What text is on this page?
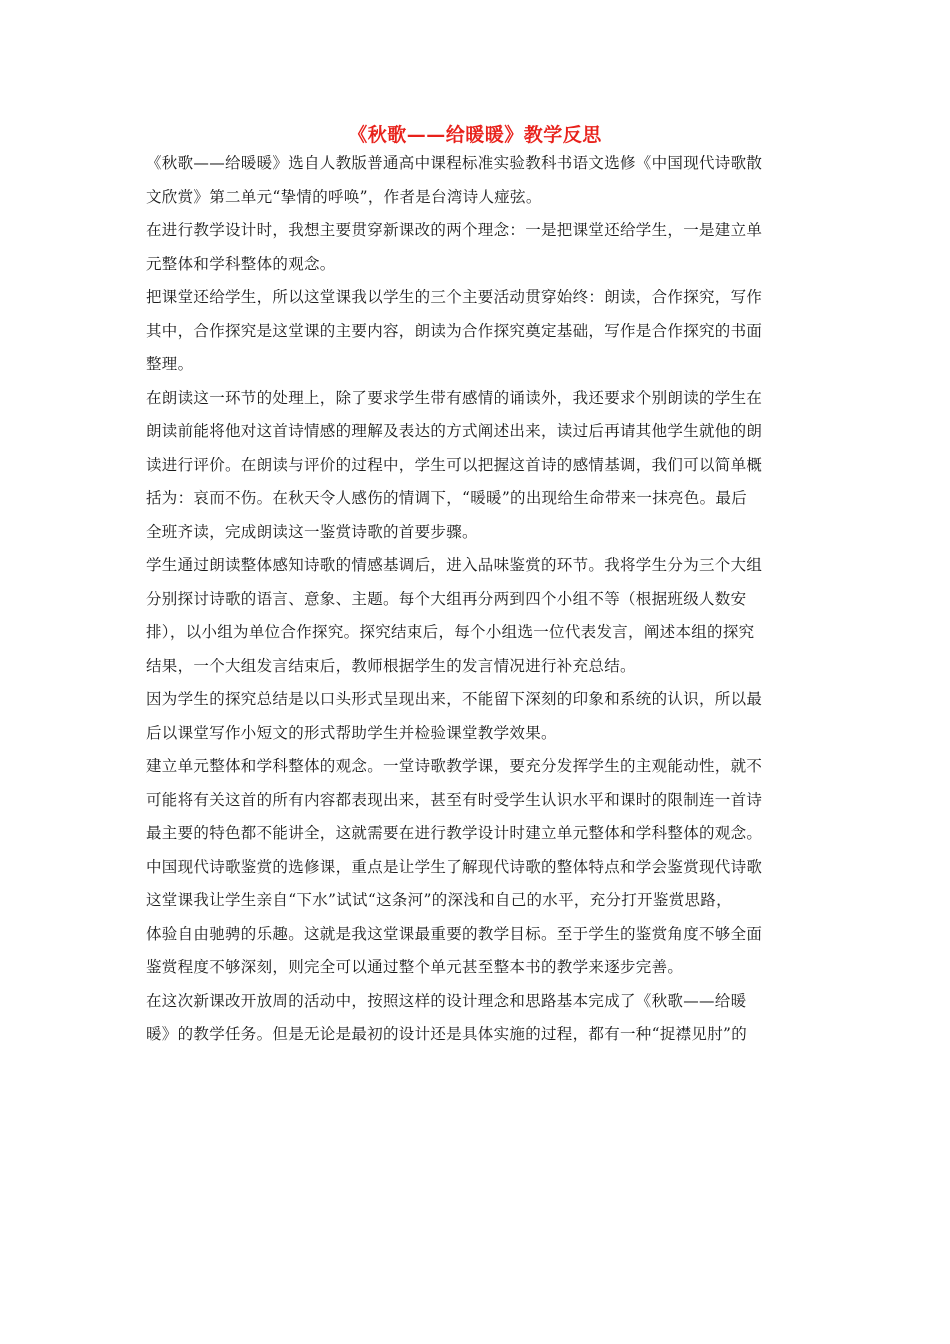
《秋歌——给暖暖》教学反思
《秋歌——给暖暖》选自人教版普通高中课程标准实验教科书语文选修《中国现代诗歌散
文欣赏》第二单元“挚情的呼唤”，作者是台湾诗人痖弦。
在进行教学设计时，我想主要贯穿新课改的两个理念：一是把课堂还给学生，一是建立单
元整体和学科整体的观念。
把课堂还给学生，所以这堂课我以学生的三个主要活动贯穿始终：朗读，合作探究，写作
其中，合作探究是这堂课的主要内容，朗读为合作探究奠定基础，写作是合作探究的书面
整理。
在朗读这一环节的处理上，除了要求学生带有感情的诵读外，我还要求个别朗读的学生在
朗读前能将他对这首诗情感的理解及表达的方式阐述出来，读过后再请其他学生就他的朗
读进行评价。在朗读与评价的过程中，学生可以把握这首诗的感情基调，我们可以简单概
括为：哀而不伤。在秋天令人感伤的情调下，“暖暖”的出现给生命带来一抹亮色。最后
全班齐读，完成朗读这一鉴赏诗歌的首要步骤。
学生通过朗读整体感知诗歌的情感基调后，进入品味鉴赏的环节。我将学生分为三个大组
分别探讨诗歌的语言、意象、主题。每个大组再分两到四个小组不等（根据班级人数安
排），以小组为单位合作探究。探究结束后，每个小组选一位代表发言，阐述本组的探究
结果，一个大组发言结束后，教师根据学生的发言情况进行补充总结。
因为学生的探究总结是以口头形式呈现出来，不能留下深刻的印象和系统的认识，所以最
后以课堂写作小短文的形式帮助学生并检验课堂教学效果。
建立单元整体和学科整体的观念。一堂诗歌教学课，要充分发挥学生的主观能动性，就不
可能将有关这首的所有内容都表现出来，甚至有时受学生认识水平和课时的限制连一首诗
最主要的特色都不能讲全，这就需要在进行教学设计时建立单元整体和学科整体的观念。
中国现代诗歌鉴赏的选修课，重点是让学生了解现代诗歌的整体特点和学会鉴赏现代诗歌
这堂课我让学生亲自“下水”试试“这条河”的深浅和自己的水平，充分打开鉴赏思路，
体验自由驰骋的乐趣。这就是我这堂课最重要的教学目标。至于学生的鉴赏角度不够全面
鉴赏程度不够深刻，则完全可以通过整个单元甚至整本书的教学来逐步完善。
在这次新课改开放周的活动中，按照这样的设计理念和思路基本完成了《秋歌——给暖
暖》的教学任务。但是无论是最初的设计还是具体实施的过程，都有一种“捉襟见肘”的
